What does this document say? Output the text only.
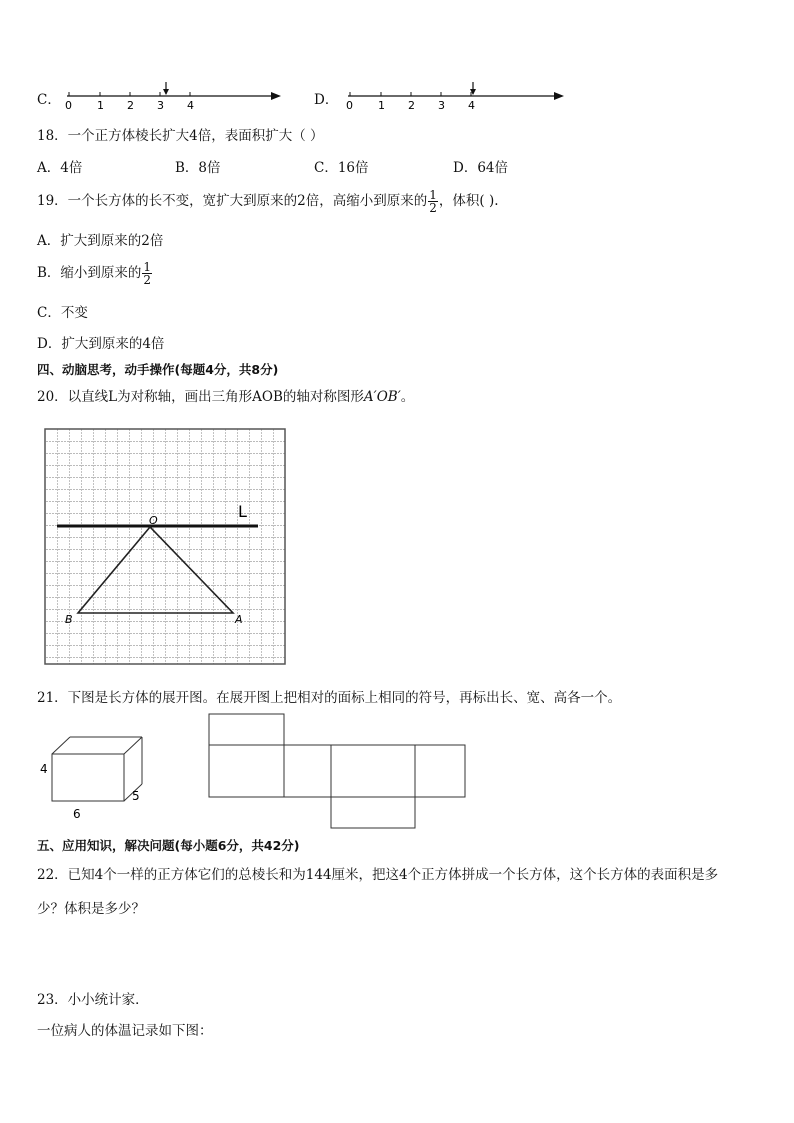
C． 0 1 2 3 4	D． 0 1 2 3 4
18．一个正方体棱长扩大4倍，表面积扩大（ ）
A．4倍	B．8倍	C．16倍	D．64倍
19．一个长方体的长不变，宽扩大到原来的2倍，高缩小到原来的 $\frac{1}{2}$ ，体积( ).
A．扩大到原来的2倍
B．缩小到原来的 $\frac{1}{2}$
C．不变
D．扩大到原来的4倍
四、动脑思考，动手操作(每题4分，共8分)
20．以直线L为对称轴，画出三角形AOB的轴对称图形A′OB′。
L
O
B	A
21．下图是长方体的展开图。在展开图上把相对的面标上相同的符号，再标出长、宽、高各一个。
4
6
5
五、应用知识，解决问题(每小题6分，共42分)
22．已知4个一样的正方体它们的总棱长和为144厘米，把这4个正方体拼成一个长方体，这个长方体的表面积是多
少？体积是多少？
23．小小统计家．
一位病人的体温记录如下图：
